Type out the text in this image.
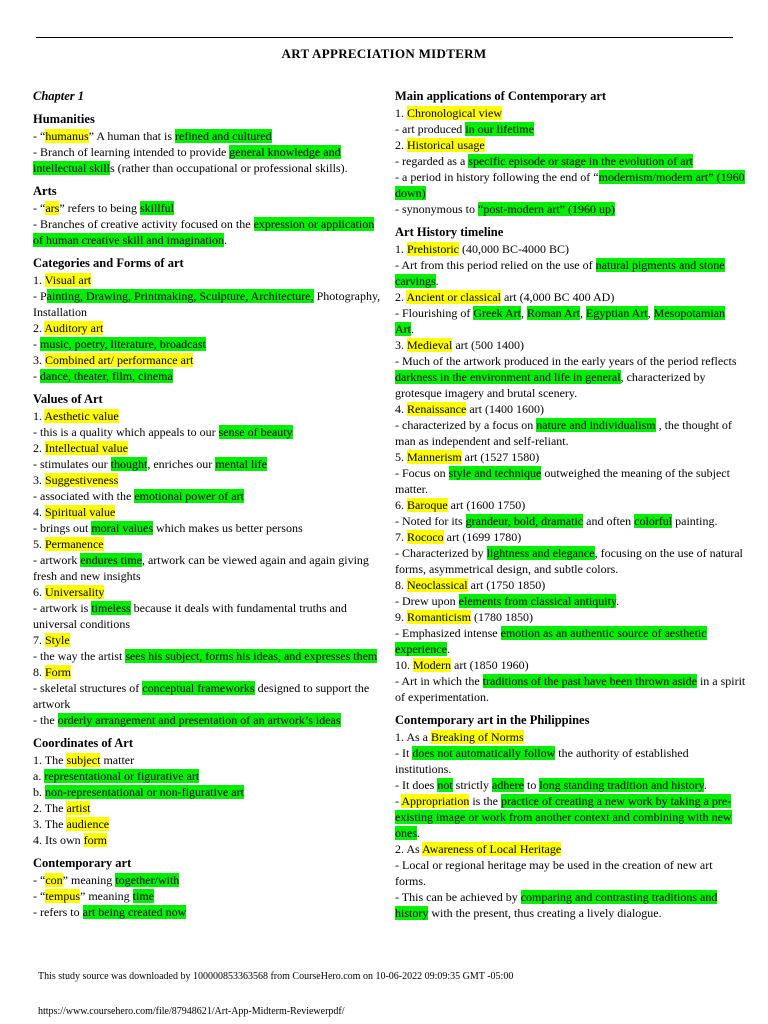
ART APPRECIATION MIDTERM
Chapter 1
Humanities
- “humanus” A human that is refined and cultured
- Branch of learning intended to provide general knowledge and intellectual skills (rather than occupational or professional skills).
Arts
- “ars” refers to being skillful
- Branches of creative activity focused on the expression or application of human creative skill and imagination.
Categories and Forms of art
1. Visual art
- Painting, Drawing, Printmaking, Sculpture, Architecture, Photography, Installation
2. Auditory art
- music, poetry, literature, broadcast
3. Combined art/ performance art
- dance, theater, film, cinema
Values of Art
1. Aesthetic value
- this is a quality which appeals to our sense of beauty
2. Intellectual value
- stimulates our thought, enriches our mental life
3. Suggestiveness
- associated with the emotional power of art
4. Spiritual value
- brings out moral values which makes us better persons
5. Permanence
- artwork endures time, artwork can be viewed again and again giving fresh and new insights
6. Universality
- artwork is timeless because it deals with fundamental truths and universal conditions
7. Style
- the way the artist sees his subject, forms his ideas, and expresses them
8. Form
- skeletal structures of conceptual frameworks designed to support the artwork
- the orderly arrangement and presentation of an artwork’s ideas
Coordinates of Art
1. The subject matter
a. representational or figurative art
b. non-representational or non-figurative art
2. The artist
3. The audience
4. Its own form
Contemporary art
- “con” meaning together/with
- “tempus” meaning time
- refers to art being created now
Main applications of Contemporary art
1. Chronological view
- art produced in our lifetime
2. Historical usage
- regarded as a specific episode or stage in the evolution of art
- a period in history following the end of “modernism/modern art” (1960 down)
- synonymous to “post-modern art” (1960 up)
Art History timeline
1. Prehistoric (40,000 BC-4000 BC)
- Art from this period relied on the use of natural pigments and stone carvings.
2. Ancient or classical art (4,000 BC 400 AD)
- Flourishing of Greek Art, Roman Art, Egyptian Art, Mesopotamian Art.
3. Medieval art (500 1400)
- Much of the artwork produced in the early years of the period reflects darkness in the environment and life in general, characterized by grotesque imagery and brutal scenery.
4. Renaissance art (1400 1600)
- characterized by a focus on nature and individualism , the thought of man as independent and self-reliant.
5. Mannerism art (1527 1580)
- Focus on style and technique outweighed the meaning of the subject matter.
6. Baroque art (1600 1750)
- Noted for its grandeur, bold, dramatic and often colorful painting.
7. Rococo art (1699 1780)
- Characterized by lightness and elegance, focusing on the use of natural forms, asymmetrical design, and subtle colors.
8. Neoclassical art (1750 1850)
- Drew upon elements from classical antiquity.
9. Romanticism (1780 1850)
- Emphasized intense emotion as an authentic source of aesthetic experience.
10. Modern art (1850 1960)
- Art in which the traditions of the past have been thrown aside in a spirit of experimentation.
Contemporary art in the Philippines
1. As a Breaking of Norms
- It does not automatically follow the authority of established institutions.
- It does not strictly adhere to long standing tradition and history.
- Appropriation is the practice of creating a new work by taking a pre-existing image or work from another context and combining with new ones.
2. As Awareness of Local Heritage
- Local or regional heritage may be used in the creation of new art forms.
- This can be achieved by comparing and contrasting traditions and history with the present, thus creating a lively dialogue.
This study source was downloaded by 100000853363568 from CourseHero.com on 10-06-2022 09:09:35 GMT -05:00
https://www.coursehero.com/file/87948621/Art-App-Midterm-Reviewerpdf/
